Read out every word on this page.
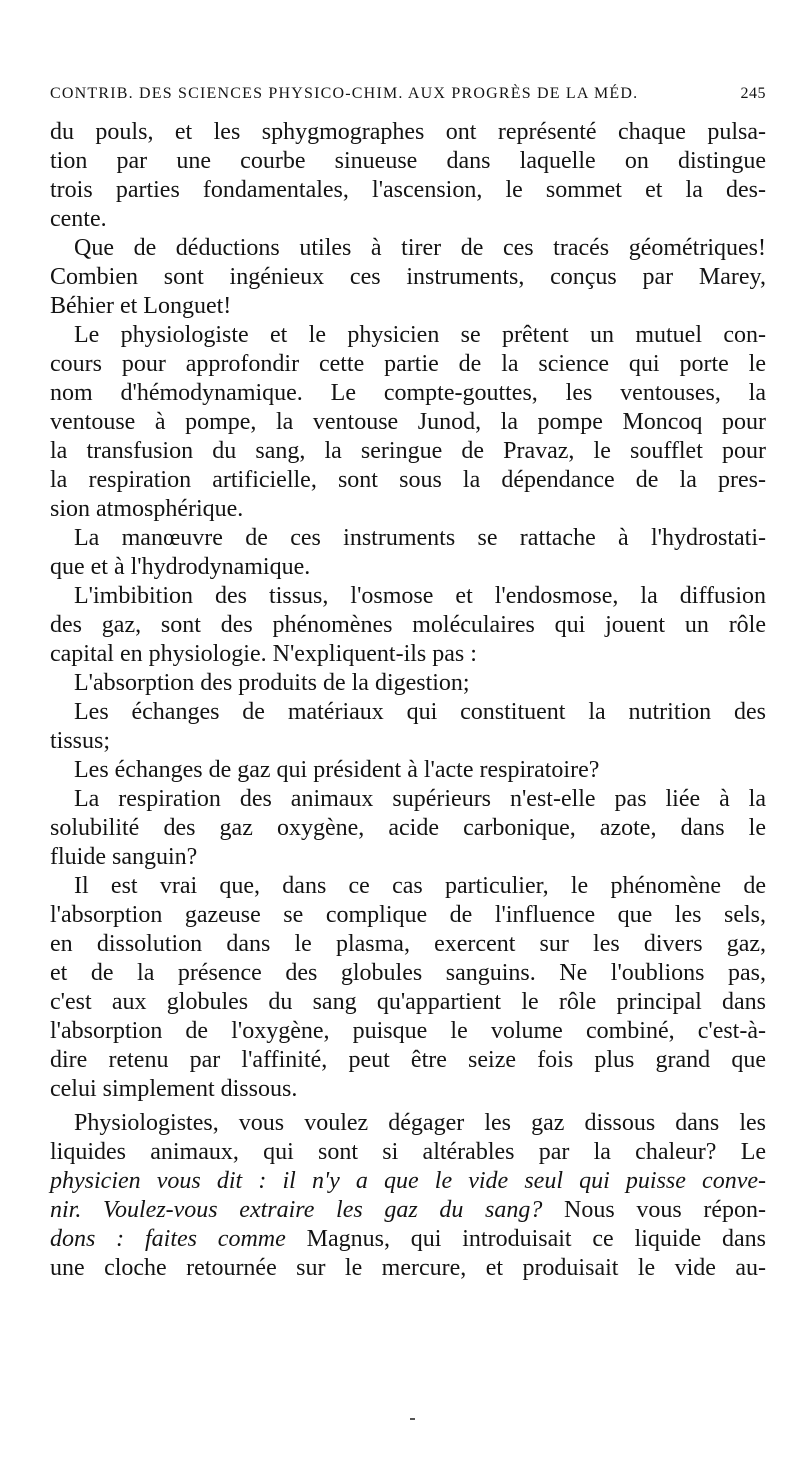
CONTRIB. DES SCIENCES PHYSICO-CHIM. AUX PROGRÈS DE LA MÉD.	245
du pouls, et les sphygmographes ont représenté chaque pulsa-
tion par une courbe sinueuse dans laquelle on distingue
trois parties fondamentales, l'ascension, le sommet et la des-
cente.
Que de déductions utiles à tirer de ces tracés géométriques!
Combien sont ingénieux ces instruments, conçus par Marey,
Béhier et Longuet!
Le physiologiste et le physicien se prêtent un mutuel con-
cours pour approfondir cette partie de la science qui porte le
nom d'hémodynamique. Le compte-gouttes, les ventouses, la
ventouse à pompe, la ventouse Junod, la pompe Moncoq pour
la transfusion du sang, la seringue de Pravaz, le soufflet pour
la respiration artificielle, sont sous la dépendance de la pres-
sion atmosphérique.
La manœuvre de ces instruments se rattache à l'hydrostati-
que et à l'hydrodynamique.
L'imbibition des tissus, l'osmose et l'endosmose, la diffusion
des gaz, sont des phénomènes moléculaires qui jouent un rôle
capital en physiologie. N'expliquent-ils pas :
L'absorption des produits de la digestion;
Les échanges de matériaux qui constituent la nutrition des
tissus;
Les échanges de gaz qui président à l'acte respiratoire?
La respiration des animaux supérieurs n'est-elle pas liée à la
solubilité des gaz oxygène, acide carbonique, azote, dans le
fluide sanguin?
Il est vrai que, dans ce cas particulier, le phénomène de
l'absorption gazeuse se complique de l'influence que les sels,
en dissolution dans le plasma, exercent sur les divers gaz,
et de la présence des globules sanguins. Ne l'oublions pas,
c'est aux globules du sang qu'appartient le rôle principal dans
l'absorption de l'oxygène, puisque le volume combiné, c'est-à-
dire retenu par l'affinité, peut être seize fois plus grand que
celui simplement dissous.
Physiologistes, vous voulez dégager les gaz dissous dans les
liquides animaux, qui sont si altérables par la chaleur? Le
physicien vous dit : il n'y a que le vide seul qui puisse conve-
nir. Voulez-vous extraire les gaz du sang? Nous vous répon-
dons : faites comme Magnus, qui introduisait ce liquide dans
une cloche retournée sur le mercure, et produisait le vide au-
